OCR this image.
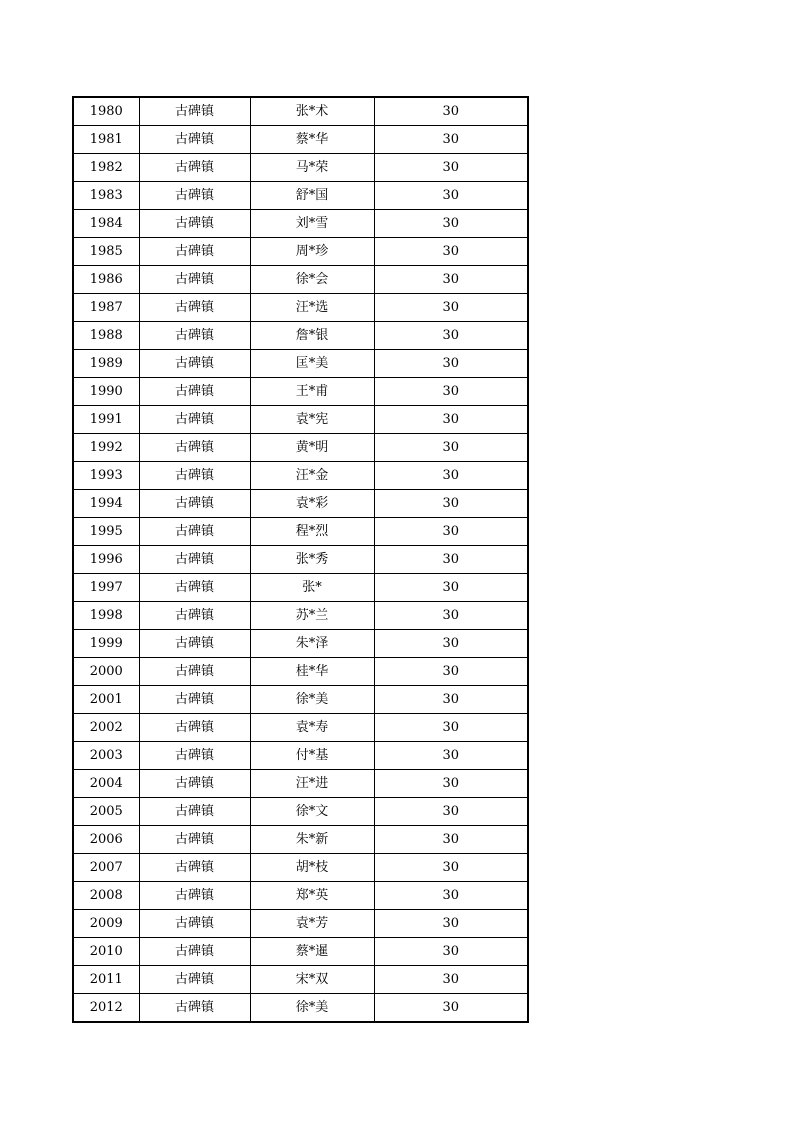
1980	古碑镇	张*术	30
1981	古碑镇	蔡*华	30
1982	古碑镇	马*荣	30
1983	古碑镇	舒*国	30
1984	古碑镇	刘*雪	30
1985	古碑镇	周*珍	30
1986	古碑镇	徐*会	30
1987	古碑镇	汪*选	30
1988	古碑镇	詹*银	30
1989	古碑镇	匡*美	30
1990	古碑镇	王*甫	30
1991	古碑镇	袁*宪	30
1992	古碑镇	黄*明	30
1993	古碑镇	汪*金	30
1994	古碑镇	袁*彩	30
1995	古碑镇	程*烈	30
1996	古碑镇	张*秀	30
1997	古碑镇	张*	30
1998	古碑镇	苏*兰	30
1999	古碑镇	朱*泽	30
2000	古碑镇	桂*华	30
2001	古碑镇	徐*美	30
2002	古碑镇	袁*寿	30
2003	古碑镇	付*基	30
2004	古碑镇	汪*进	30
2005	古碑镇	徐*文	30
2006	古碑镇	朱*新	30
2007	古碑镇	胡*枝	30
2008	古碑镇	郑*英	30
2009	古碑镇	袁*芳	30
2010	古碑镇	蔡*暹	30
2011	古碑镇	宋*双	30
2012	古碑镇	徐*美	30
